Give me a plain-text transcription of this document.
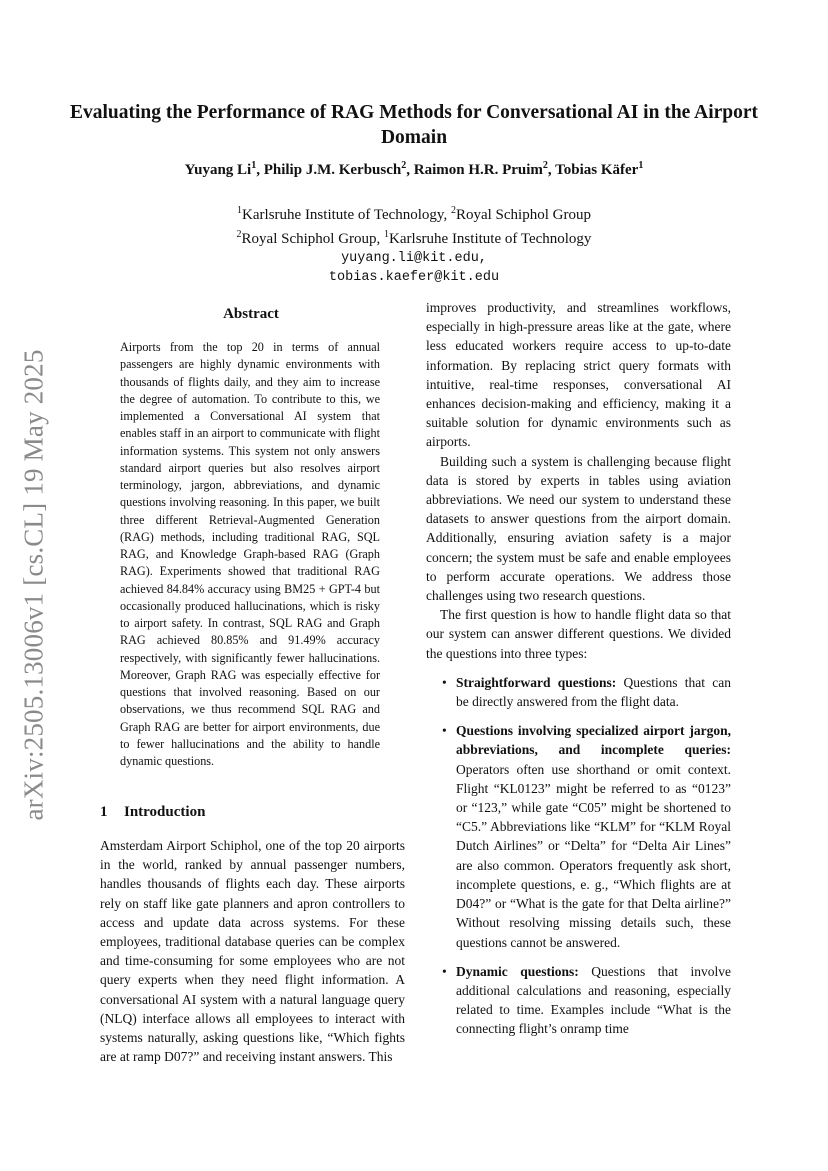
arXiv:2505.13006v1 [cs.CL] 19 May 2025
Evaluating the Performance of RAG Methods for Conversational AI in the Airport Domain
Yuyang Li$^1$, Philip J.M. Kerbusch$^2$, Raimon H.R. Pruim$^2$, Tobias Käfer$^1$
$^1$Karlsruhe Institute of Technology, $^2$Royal Schiphol Group
$^2$Royal Schiphol Group, $^1$Karlsruhe Institute of Technology
yuyang.li@kit.edu,
tobias.kaefer@kit.edu
Abstract
Airports from the top 20 in terms of annual passengers are highly dynamic environments with thousands of flights daily, and they aim to increase the degree of automation. To contribute to this, we implemented a Conversational AI system that enables staff in an airport to communicate with flight information systems. This system not only answers standard airport queries but also resolves airport terminology, jargon, abbreviations, and dynamic questions involving reasoning. In this paper, we built three different Retrieval-Augmented Generation (RAG) methods, including traditional RAG, SQL RAG, and Knowledge Graph-based RAG (Graph RAG). Experiments showed that traditional RAG achieved 84.84% accuracy using BM25 + GPT-4 but occasionally produced hallucinations, which is risky to airport safety. In contrast, SQL RAG and Graph RAG achieved 80.85% and 91.49% accuracy respectively, with significantly fewer hallucinations. Moreover, Graph RAG was especially effective for questions that involved reasoning. Based on our observations, we thus recommend SQL RAG and Graph RAG are better for airport environments, due to fewer hallucinations and the ability to handle dynamic questions.
1 Introduction
Amsterdam Airport Schiphol, one of the top 20 airports in the world, ranked by annual passenger numbers, handles thousands of flights each day. These airports rely on staff like gate planners and apron controllers to access and update data across systems. For these employees, traditional database queries can be complex and time-consuming for some employees who are not query experts when they need flight information. A conversational AI system with a natural language query (NLQ) interface allows all employees to interact with systems naturally, asking questions like, “Which fights are at ramp D07?” and receiving instant answers. This

improves productivity, and streamlines workflows, especially in high-pressure areas like at the gate, where less educated workers require access to up-to-date information. By replacing strict query formats with intuitive, real-time responses, conversational AI enhances decision-making and efficiency, making it a suitable solution for dynamic environments such as airports.

Building such a system is challenging because flight data is stored by experts in tables using aviation abbreviations. We need our system to understand these datasets to answer questions from the airport domain. Additionally, ensuring aviation safety is a major concern; the system must be safe and enable employees to perform accurate operations. We address those challenges using two research questions.

The first question is how to handle flight data so that our system can answer different questions. We divided the questions into three types:

• Straightforward questions: Questions that can be directly answered from the flight data.
• Questions involving specialized airport jargon, abbreviations, and incomplete queries: Operators often use shorthand or omit context. Flight “KL0123” might be referred to as “0123” or “123,” while gate “C05” might be shortened to “C5.” Abbreviations like “KLM” for “KLM Royal Dutch Airlines” or “Delta” for “Delta Air Lines” are also common. Operators frequently ask short, incomplete questions, e. g., “Which flights are at D04?” or “What is the gate for that Delta airline?” Without resolving missing details such, these questions cannot be answered.
• Dynamic questions: Questions that involve additional calculations and reasoning, especially related to time. Examples include “What is the connecting flight’s onramp time
